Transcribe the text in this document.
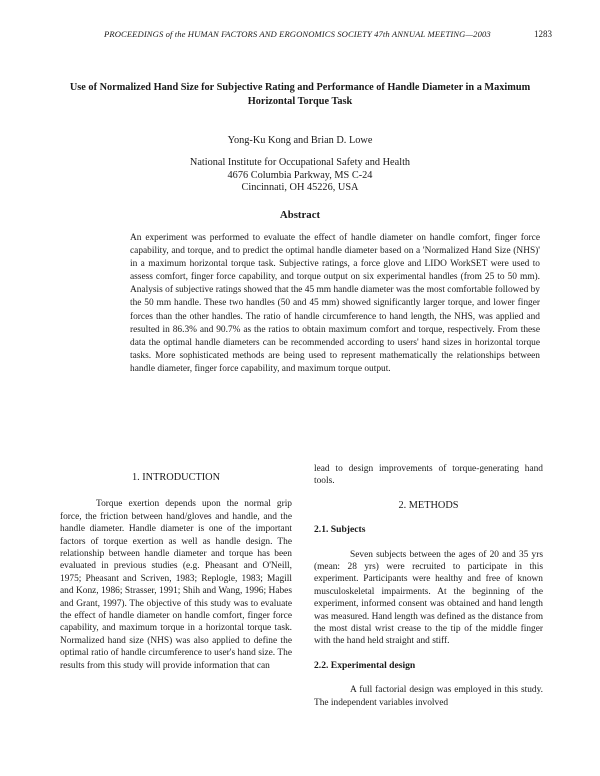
PROCEEDINGS of the HUMAN FACTORS AND ERGONOMICS SOCIETY 47th ANNUAL MEETING—2003	1283
Use of Normalized Hand Size for Subjective Rating and Performance of Handle Diameter in a Maximum Horizontal Torque Task
Yong-Ku Kong and Brian D. Lowe
National Institute for Occupational Safety and Health
4676 Columbia Parkway, MS C-24
Cincinnati, OH 45226, USA
Abstract
An experiment was performed to evaluate the effect of handle diameter on handle comfort, finger force capability, and torque, and to predict the optimal handle diameter based on a 'Normalized Hand Size (NHS)' in a maximum horizontal torque task. Subjective ratings, a force glove and LIDO WorkSET were used to assess comfort, finger force capability, and torque output on six experimental handles (from 25 to 50 mm). Analysis of subjective ratings showed that the 45 mm handle diameter was the most comfortable followed by the 50 mm handle. These two handles (50 and 45 mm) showed significantly larger torque, and lower finger forces than the other handles. The ratio of handle circumference to hand length, the NHS, was applied and resulted in 86.3% and 90.7% as the ratios to obtain maximum comfort and torque, respectively. From these data the optimal handle diameters can be recommended according to users' hand sizes in horizontal torque tasks. More sophisticated methods are being used to represent mathematically the relationships between handle diameter, finger force capability, and maximum torque output.

1. INTRODUCTION

Torque exertion depends upon the normal grip force, the friction between hand/gloves and handle, and the handle diameter. Handle diameter is one of the important factors of torque exertion as well as handle design. The relationship between handle diameter and torque has been evaluated in previous studies (e.g. Pheasant and O'Neill, 1975; Pheasant and Scriven, 1983; Replogle, 1983; Magill and Konz, 1986; Strasser, 1991; Shih and Wang, 1996; Habes and Grant, 1997). The objective of this study was to evaluate the effect of handle diameter on handle comfort, finger force capability, and maximum torque in a horizontal torque task. Normalized hand size (NHS) was also applied to define the optimal ratio of handle circumference to user's hand size. The results from this study will provide information that can

lead to design improvements of torque-generating hand tools.

2. METHODS

2.1. Subjects

Seven subjects between the ages of 20 and 35 yrs (mean: 28 yrs) were recruited to participate in this experiment. Participants were healthy and free of known musculoskeletal impairments. At the beginning of the experiment, informed consent was obtained and hand length was measured. Hand length was defined as the distance from the most distal wrist crease to the tip of the middle finger with the hand held straight and stiff.

2.2. Experimental design

A full factorial design was employed in this study. The independent variables involved
